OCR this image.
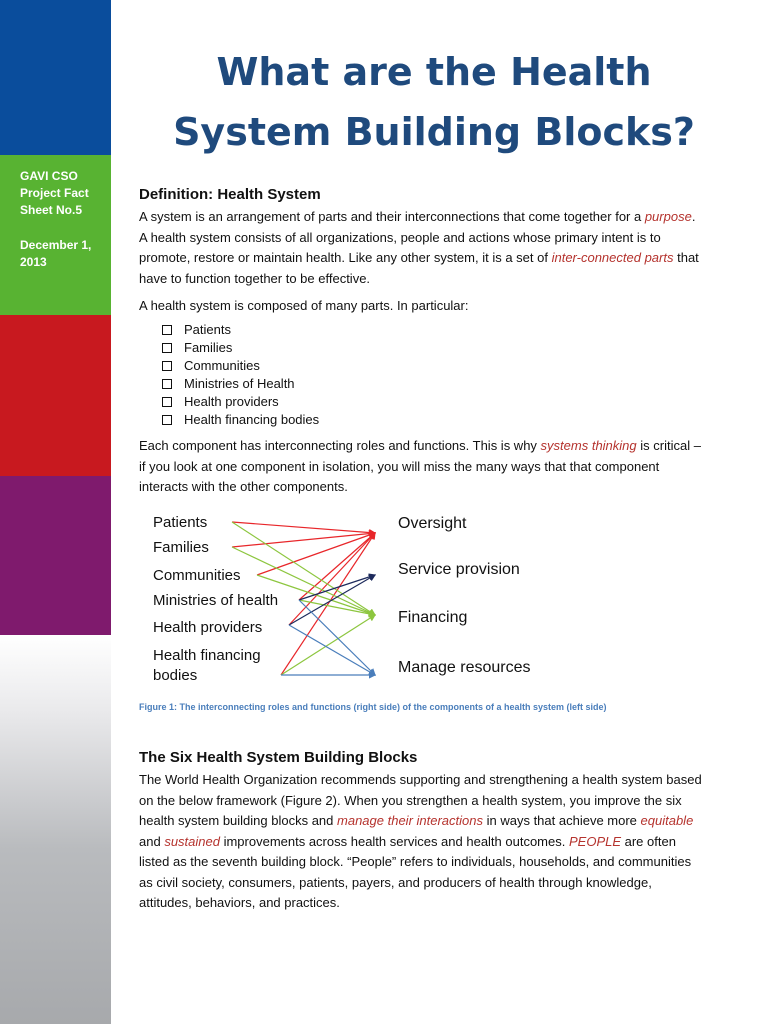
GAVI CSO Project Fact Sheet No.5
December 1, 2013
What are the Health System Building Blocks?
Definition: Health System

A system is an arrangement of parts and their interconnections that come together for a purpose. A health system consists of all organizations, people and actions whose primary intent is to promote, restore or maintain health. Like any other system, it is a set of inter-connected parts that have to function together to be effective.

A health system is composed of many parts. In particular:

Patients
Families
Communities
Ministries of Health
Health providers
Health financing bodies

Each component has interconnecting roles and functions. This is why systems thinking is critical – if you look at one component in isolation, you will miss the many ways that that component interacts with the other components.

Patients
Families
Communities
Ministries of health
Health providers
Health financing bodies
Oversight
Service provision
Financing
Manage resources
Figure 1: The interconnecting roles and functions (right side) of the components of a health system (left side)
The Six Health System Building Blocks

The World Health Organization recommends supporting and strengthening a health system based on the below framework (Figure 2). When you strengthen a health system, you improve the six health system building blocks and manage their interactions in ways that achieve more equitable and sustained improvements across health services and health outcomes. PEOPLE are often listed as the seventh building block. “People” refers to individuals, households, and communities as civil society, consumers, patients, payers, and producers of health through knowledge, attitudes, behaviors, and practices.
